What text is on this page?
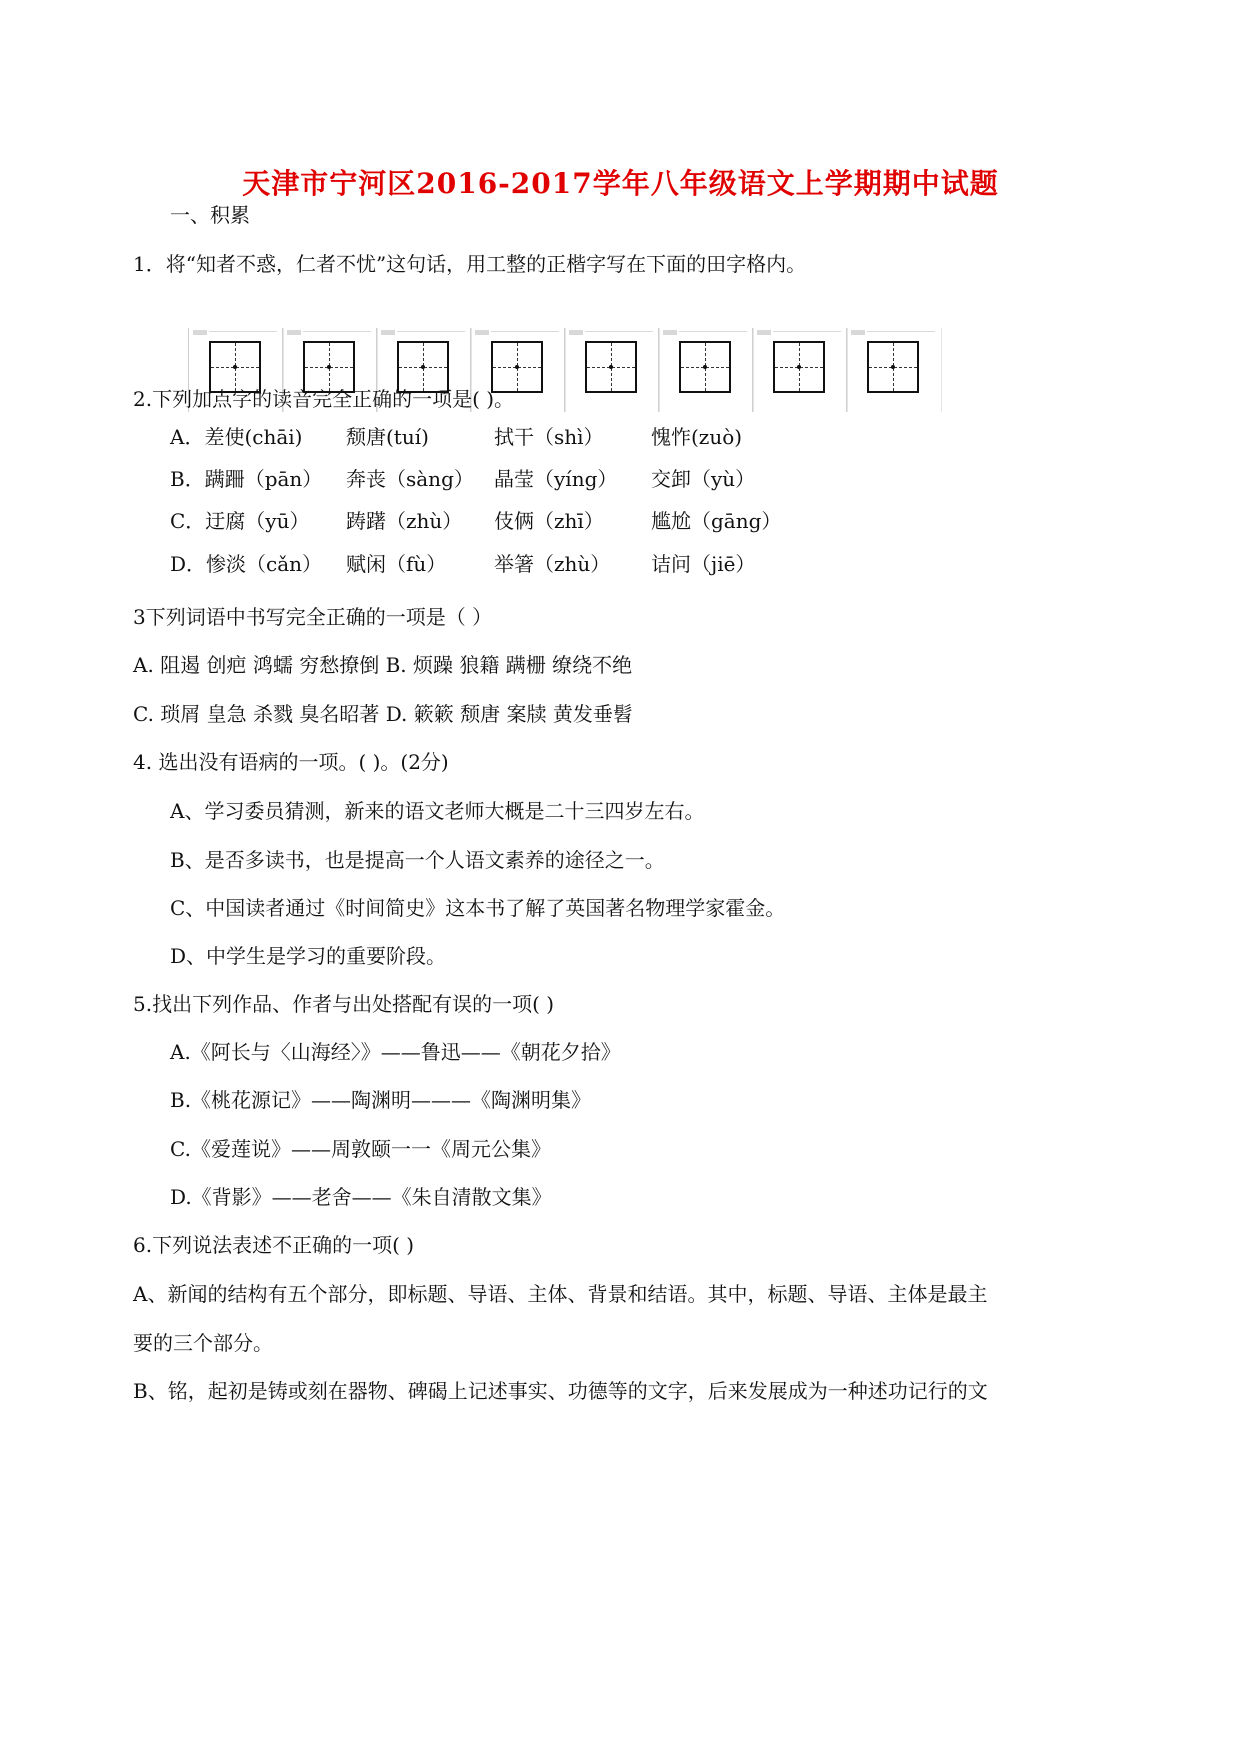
天津市宁河区2016-2017学年八年级语文上学期期中试题
一、积累
1．将“知者不惑，仁者不忧”这句话，用工整的正楷字写在下面的田字格内。
2.下列加点字的读音完全正确的一项是( )。
A．差使(chāi) 颓唐(tuí)	拭干（shì） 愧怍(zuò)
B．蹒跚（pān） 奔丧（sàng） 晶莹（yíng） 交卸（yù）
C．迂腐（yū） 踌躇（zhù） 伎俩（zhī） 尴尬（gāng）
D．惨淡（cǎn） 赋闲（fù） 举箸（zhù） 诘问（jiē）
3下列词语中书写完全正确的一项是（ ）
A. 阻遏 创疤 鸿蠕 穷愁撩倒 B. 烦躁 狼籍 蹒栅 缭绕不绝
C. 琐屑 皇急 杀戮 臭名昭著 D. 簌簌 颓唐 案牍 黄发垂髫
4. 选出没有语病的一项。( )。(2分)
A、学习委员猜测，新来的语文老师大概是二十三四岁左右。
B、是否多读书，也是提高一个人语文素养的途径之一。
C、中国读者通过《时间简史》这本书了解了英国著名物理学家霍金。
D、中学生是学习的重要阶段。
5.找出下列作品、作者与出处搭配有误的一项( )
A.《阿长与〈山海经〉》——鲁迅——《朝花夕拾》
B.《桃花源记》——陶渊明———《陶渊明集》
C.《爱莲说》——周敦颐一一《周元公集》
D.《背影》——老舍——《朱自清散文集》
6.下列说法表述不正确的一项( )
A、新闻的结构有五个部分，即标题、导语、主体、背景和结语。其中，标题、导语、主体是最主
要的三个部分。
B、铭，起初是铸或刻在器物、碑碣上记述事实、功德等的文字，后来发展成为一种述功记行的文
